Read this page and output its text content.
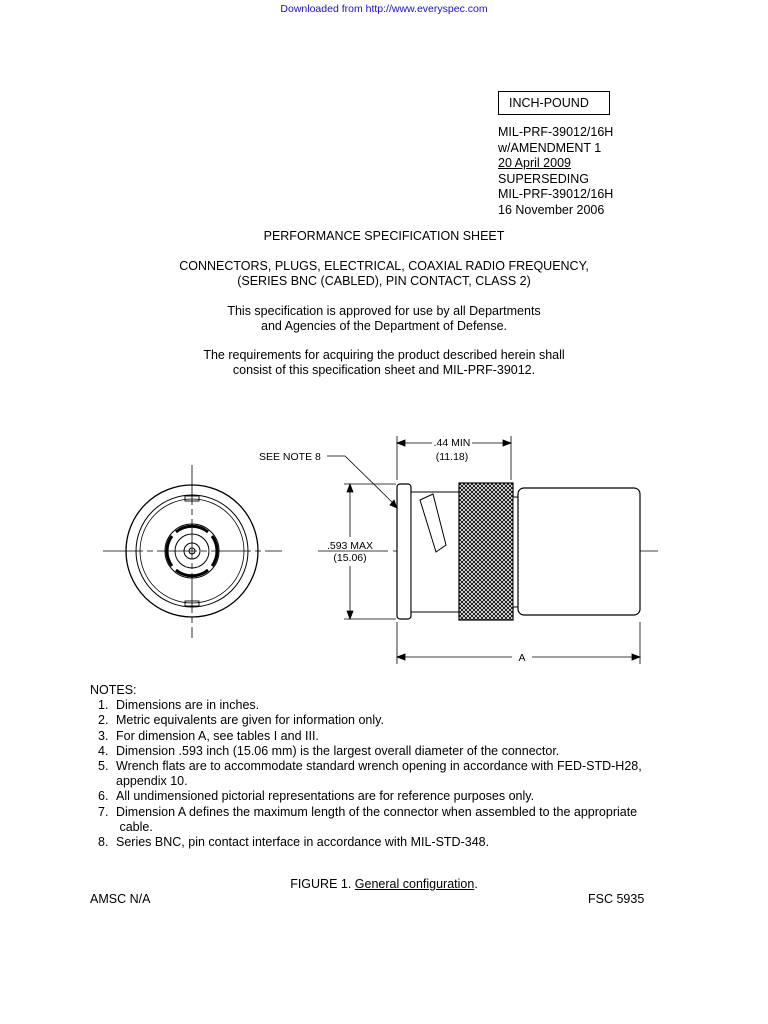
Downloaded from http://www.everyspec.com
INCH-POUND
MIL-PRF-39012/16H
w/AMENDMENT 1
20 April 2009
SUPERSEDING
MIL-PRF-39012/16H
16 November 2006
PERFORMANCE SPECIFICATION SHEET
CONNECTORS, PLUGS, ELECTRICAL, COAXIAL RADIO FREQUENCY,
(SERIES BNC (CABLED), PIN CONTACT, CLASS 2)
This specification is approved for use by all Departments
and Agencies of the Department of Defense.
The requirements for acquiring the product described herein shall
consist of this specification sheet and MIL-PRF-39012.
SEE NOTE 8
.44 MIN
(11.18)
.593 MAX
(15.06)
A
NOTES:
1. Dimensions are in inches.
2. Metric equivalents are given for information only.
3. For dimension A, see tables I and III.
4. Dimension .593 inch (15.06 mm) is the largest overall diameter of the connector.
5. Wrench flats are to accommodate standard wrench opening in accordance with FED-STD-H28,
appendix 10.
6. All undimensioned pictorial representations are for reference purposes only.
7. Dimension A defines the maximum length of the connector when assembled to the appropriate
cable.
8. Series BNC, pin contact interface in accordance with MIL-STD-348.
FIGURE 1. General configuration.
AMSC N/A	FSC 5935
